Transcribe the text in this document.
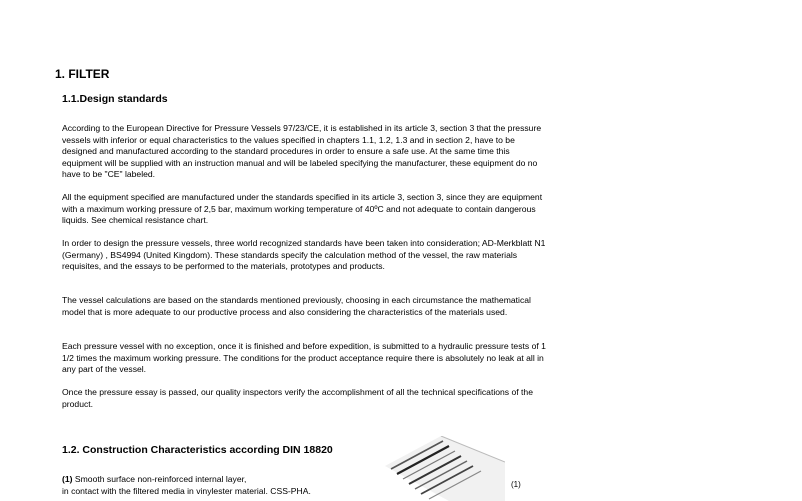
1. FILTER
1.1.Design standards

According to the European Directive for Pressure Vessels 97/23/CE, it is established in its article 3, section 3 that the pressure vessels with inferior or equal characteristics to the values specified in chapters 1.1, 1.2, 1.3 and in section 2, have to be designed and manufactured according to the standard procedures in order to ensure a safe use. At the same time this equipment will be supplied with an instruction manual and will be labeled specifying the manufacturer, these equipment do no have to be "CE" labeled.

All the equipment specified are manufactured under the standards specified in its article 3, section 3, since they are equipment with a maximum working pressure of 2,5 bar, maximum working temperature of 40ºC and not adequate to contain dangerous liquids. See chemical resistance chart.

In order to design the pressure vessels, three world recognized standards have been taken into consideration; AD-Merkblatt N1 (Germany) , BS4994 (United Kingdom). These standards specify the calculation method of the vessel, the raw materials requisites, and the essays to be performed to the materials, prototypes and products.

The vessel calculations are based on the standards mentioned previously, choosing in each circumstance the mathematical model that is more adequate to our productive process and also considering the characteristics of the materials used.

Each pressure vessel with no exception, once it is finished and before expedition, is submitted to a hydraulic pressure tests of 1 1/2 times the maximum working pressure. The conditions for the product acceptance require there is absolutely no leak at all in any part of the vessel.

Once the pressure essay is passed, our quality inspectors verify the accomplishment of all the technical specifications of the product.

1.2. Construction Characteristics according DIN 18820

(1) Smooth surface non-reinforced internal layer,
in contact with the filtered media in vinylester material. CSS-PHA.

(1)
